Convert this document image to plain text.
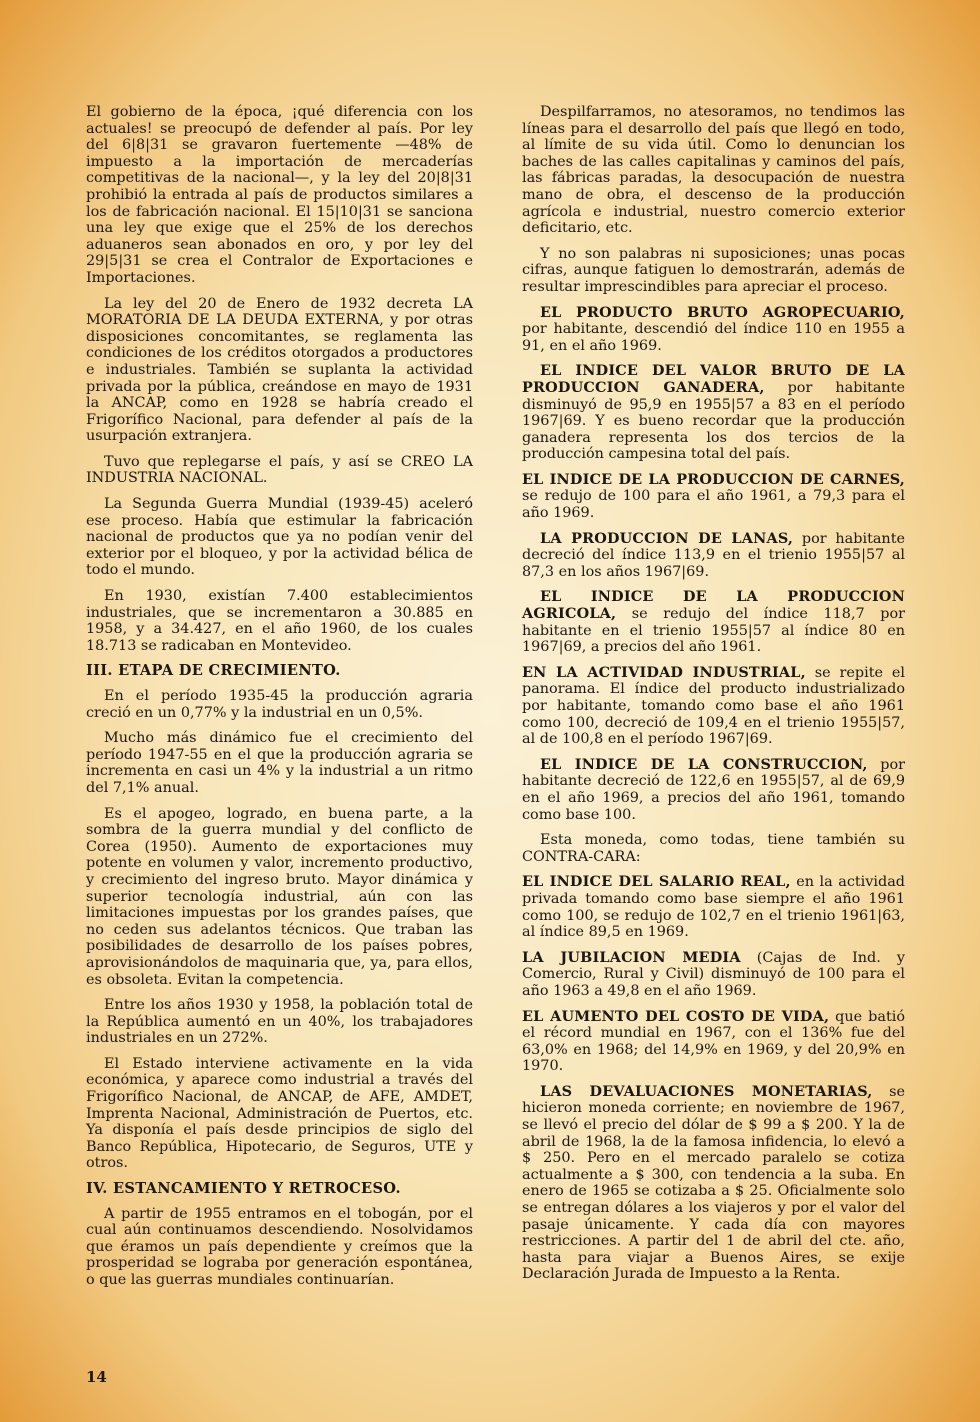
El gobierno de la época, ¡qué diferencia con los actuales! se preocupó de defender al país. Por ley del 6|8|31 se gravaron fuertemente —48% de impuesto a la importación de mercaderías competitivas de la nacional—, y la ley del 20|8|31 prohibió la entrada al país de productos similares a los de fabricación nacional. El 15|10|31 se sanciona una ley que exige que el 25% de los derechos aduaneros sean abonados en oro, y por ley del 29|5|31 se crea el Contralor de Exportaciones e Importaciones.

La ley del 20 de Enero de 1932 decreta LA MORATORIA DE LA DEUDA EXTERNA, y por otras disposiciones concomitantes, se reglamenta las condiciones de los créditos otorgados a productores e industriales. También se suplanta la actividad privada por la pública, creándose en mayo de 1931 la ANCAP, como en 1928 se habría creado el Frigorífico Nacional, para defender al país de la usurpación extranjera.

Tuvo que replegarse el país, y así se CREO LA INDUSTRIA NACIONAL.

La Segunda Guerra Mundial (1939-45) aceleró ese proceso. Había que estimular la fabricación nacional de productos que ya no podían venir del exterior por el bloqueo, y por la actividad bélica de todo el mundo.

En 1930, existían 7.400 establecimientos industriales, que se incrementaron a 30.885 en 1958, y a 34.427, en el año 1960, de los cuales 18.713 se radicaban en Montevideo.

III. ETAPA DE CRECIMIENTO.

En el período 1935-45 la producción agraria creció en un 0,77% y la industrial en un 0,5%.

Mucho más dinámico fue el crecimiento del período 1947-55 en el que la producción agraria se incrementa en casi un 4% y la industrial a un ritmo del 7,1% anual.

Es el apogeo, logrado, en buena parte, a la sombra de la guerra mundial y del conflicto de Corea (1950). Aumento de exportaciones muy potente en volumen y valor, incremento productivo, y crecimiento del ingreso bruto. Mayor dinámica y superior tecnología industrial, aún con las limitaciones impuestas por los grandes países, que no ceden sus adelantos técnicos. Que traban las posibilidades de desarrollo de los países pobres, aprovisionándolos de maquinaria que, ya, para ellos, es obsoleta. Evitan la competencia.

Entre los años 1930 y 1958, la población total de la República aumentó en un 40%, los trabajadores industriales en un 272%.

El Estado interviene activamente en la vida económica, y aparece como industrial a través del Frigorífico Nacional, de ANCAP, de AFE, AMDET, Imprenta Nacional, Administración de Puertos, etc. Ya disponía el país desde principios de siglo del Banco República, Hipotecario, de Seguros, UTE y otros.

IV. ESTANCAMIENTO Y RETROCESO.

A partir de 1955 entramos en el tobogán, por el cual aún continuamos descendiendo. Nosolvidamos que éramos un país dependiente y creímos que la prosperidad se lograba por generación espontánea, o que las guerras mundiales continuarían.

Despilfarramos, no atesoramos, no tendimos las líneas para el desarrollo del país que llegó en todo, al límite de su vida útil. Como lo denuncian los baches de las calles capitalinas y caminos del país, las fábricas paradas, la desocupación de nuestra mano de obra, el descenso de la producción agrícola e industrial, nuestro comercio exterior deficitario, etc.

Y no son palabras ni suposiciones; unas pocas cifras, aunque fatiguen lo demostrarán, además de resultar imprescindibles para apreciar el proceso.

EL PRODUCTO BRUTO AGROPECUARIO, por habitante, descendió del índice 110 en 1955 a 91, en el año 1969.

EL INDICE DEL VALOR BRUTO DE LA PRODUCCION GANADERA, por habitante disminuyó de 95,9 en 1955|57 a 83 en el período 1967|69. Y es bueno recordar que la producción ganadera representa los dos tercios de la producción campesina total del país.

EL INDICE DE LA PRODUCCION DE CARNES, se redujo de 100 para el año 1961, a 79,3 para el año 1969.

LA PRODUCCION DE LANAS, por habitante decreció del índice 113,9 en el trienio 1955|57 al 87,3 en los años 1967|69.

EL INDICE DE LA PRODUCCION AGRICOLA, se redujo del índice 118,7 por habitante en el trienio 1955|57 al índice 80 en 1967|69, a precios del año 1961.

EN LA ACTIVIDAD INDUSTRIAL, se repite el panorama. El índice del producto industrializado por habitante, tomando como base el año 1961 como 100, decreció de 109,4 en el trienio 1955|57, al de 100,8 en el período 1967|69.

EL INDICE DE LA CONSTRUCCION, por habitante decreció de 122,6 en 1955|57, al de 69,9 en el año 1969, a precios del año 1961, tomando como base 100.

Esta moneda, como todas, tiene también su CONTRA-CARA:

EL INDICE DEL SALARIO REAL, en la actividad privada tomando como base siempre el año 1961 como 100, se redujo de 102,7 en el trienio 1961|63, al índice 89,5 en 1969.

LA JUBILACION MEDIA (Cajas de Ind. y Comercio, Rural y Civil) disminuyó de 100 para el año 1963 a 49,8 en el año 1969.

EL AUMENTO DEL COSTO DE VIDA, que batió el récord mundial en 1967, con el 136% fue del 63,0% en 1968; del 14,9% en 1969, y del 20,9% en 1970.

LAS DEVALUACIONES MONETARIAS, se hicieron moneda corriente; en noviembre de 1967, se llevó el precio del dólar de $ 99 a $ 200. Y la de abril de 1968, la de la famosa infidencia, lo elevó a $ 250. Pero en el mercado paralelo se cotiza actualmente a $ 300, con tendencia a la suba. En enero de 1965 se cotizaba a $ 25. Oficialmente solo se entregan dólares a los viajeros y por el valor del pasaje únicamente. Y cada día con mayores restricciones. A partir del 1 de abril del cte. año, hasta para viajar a Buenos Aires, se exije Declaración Jurada de Impuesto a la Renta.

14
